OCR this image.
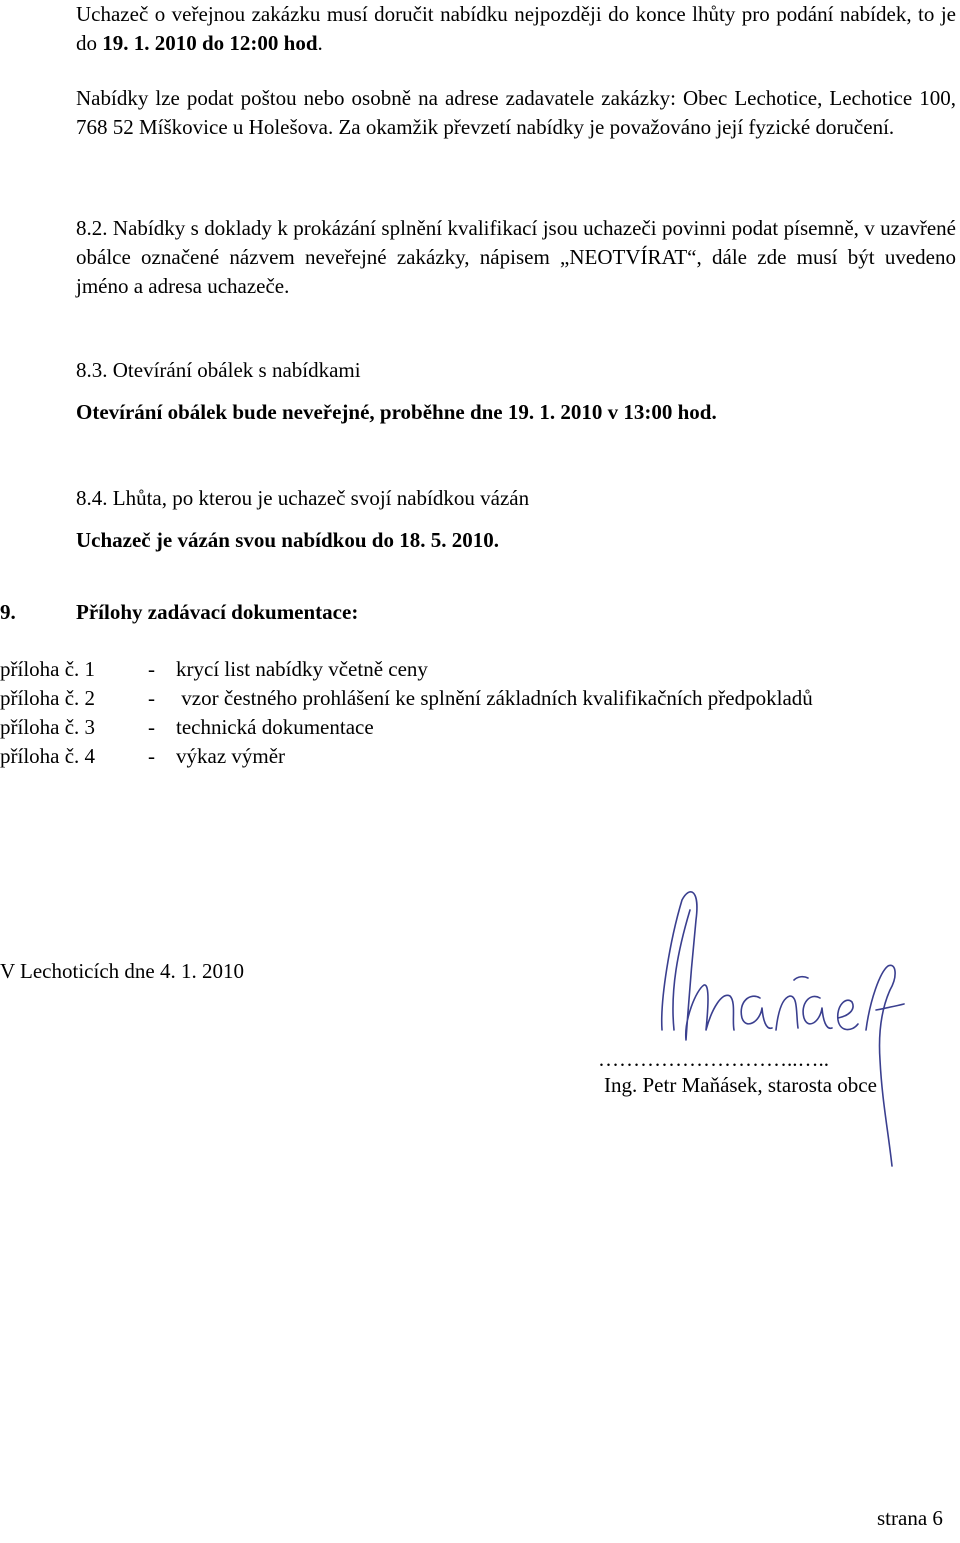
Uchazeč o veřejnou zakázku musí doručit nabídku nejpozději do konce lhůty pro podání nabídek, to je do 19. 1. 2010 do 12:00 hod.

Nabídky lze podat poštou nebo osobně na adrese zadavatele zakázky: Obec Lechotice, Lechotice 100, 768 52 Míškovice u Holešova. Za okamžik převzetí nabídky je považováno její fyzické doručení.

8.2. Nabídky s doklady k prokázání splnění kvalifikací jsou uchazeči povinni podat písemně, v uzavřené obálce označené názvem neveřejné zakázky, nápisem „NEOTVÍRAT“, dále zde musí být uvedeno jméno a adresa uchazeče.

8.3. Otevírání obálek s nabídkami
Otevírání obálek bude neveřejné, proběhne dne 19. 1. 2010 v 13:00 hod.
8.4. Lhůta, po kterou je uchazeč svojí nabídkou vázán
Uchazeč je vázán svou nabídkou do 18. 5. 2010.
9.	Přílohy zadávací dokumentace:
příloha č. 1	- krycí list nabídky včetně ceny
příloha č. 2	- vzor čestného prohlášení ke splnění základních kvalifikačních předpokladů
příloha č. 3	- technická dokumentace
příloha č. 4	- výkaz výměr
V Lechoticích dne 4. 1. 2010
………………………..…..
Ing. Petr Maňásek, starosta obce
strana 6
